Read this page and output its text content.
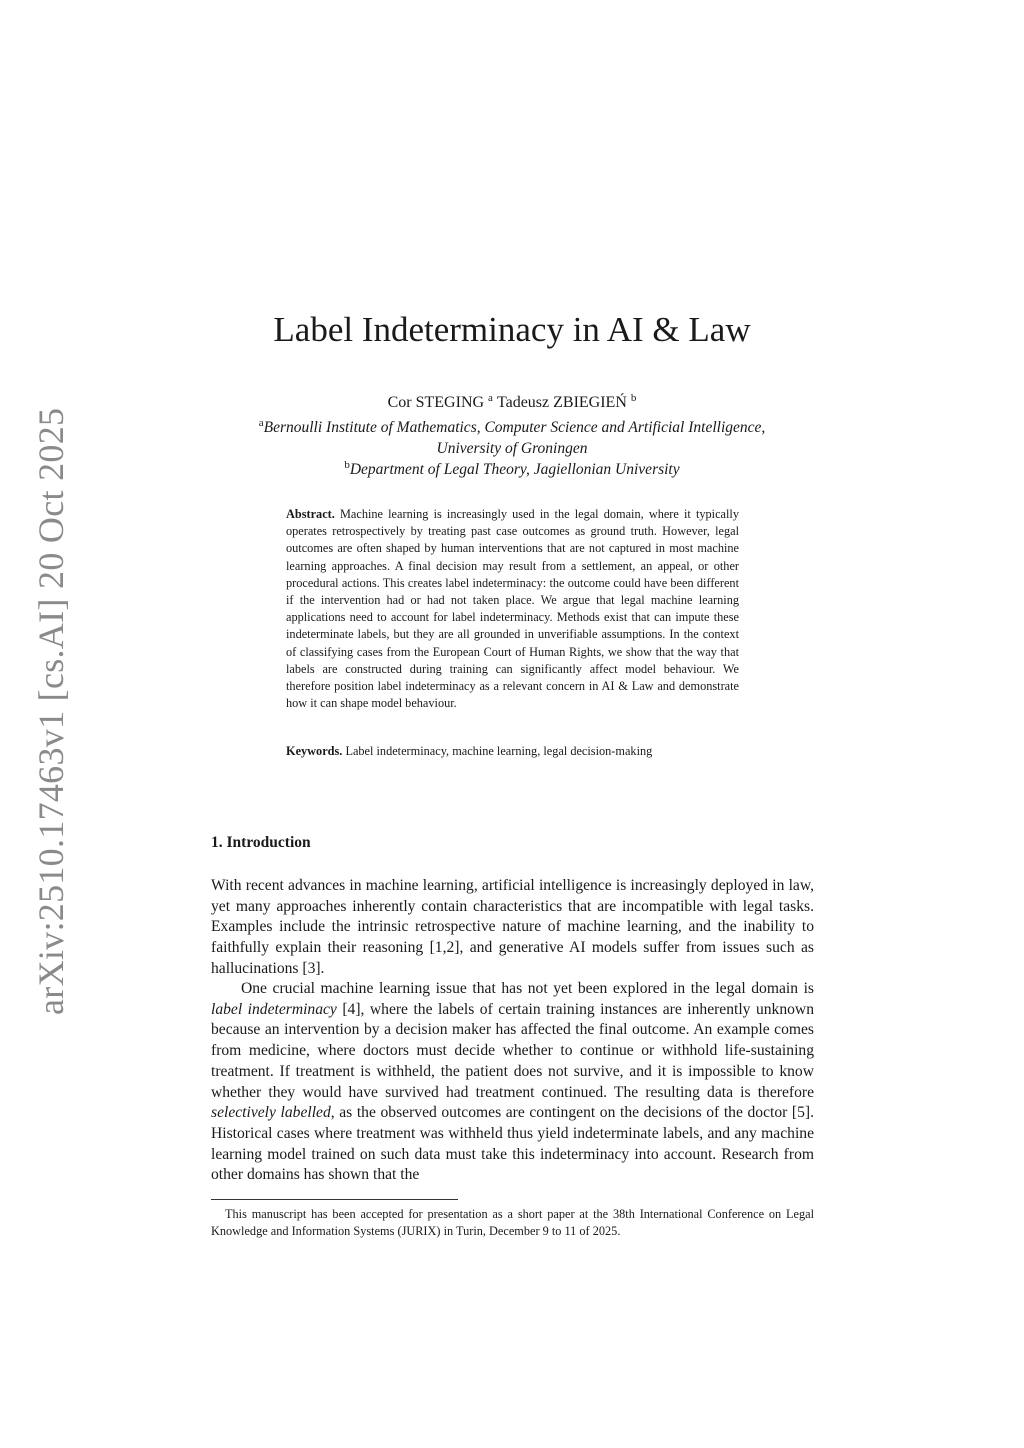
arXiv:2510.17463v1 [cs.AI] 20 Oct 2025
Label Indeterminacy in AI & Law
Cor STEGING $^a$ Tadeusz ZBIEGIEŃ $^b$
$^a$Bernoulli Institute of Mathematics, Computer Science and Artificial Intelligence,
University of Groningen
$^b$Department of Legal Theory, Jagiellonian University
Abstract. Machine learning is increasingly used in the legal domain, where it typically operates retrospectively by treating past case outcomes as ground truth. However, legal outcomes are often shaped by human interventions that are not captured in most machine learning approaches. A final decision may result from a settlement, an appeal, or other procedural actions. This creates label indeterminacy: the outcome could have been different if the intervention had or had not taken place. We argue that legal machine learning applications need to account for label indeterminacy. Methods exist that can impute these indeterminate labels, but they are all grounded in unverifiable assumptions. In the context of classifying cases from the European Court of Human Rights, we show that the way that labels are constructed during training can significantly affect model behaviour. We therefore position label indeterminacy as a relevant concern in AI & Law and demonstrate how it can shape model behaviour.
Keywords. Label indeterminacy, machine learning, legal decision-making
1. Introduction

With recent advances in machine learning, artificial intelligence is increasingly deployed in law, yet many approaches inherently contain characteristics that are incompatible with legal tasks. Examples include the intrinsic retrospective nature of machine learning, and the inability to faithfully explain their reasoning [1,2], and generative AI models suffer from issues such as hallucinations [3].

One crucial machine learning issue that has not yet been explored in the legal domain is label indeterminacy [4], where the labels of certain training instances are inherently unknown because an intervention by a decision maker has affected the final outcome. An example comes from medicine, where doctors must decide whether to continue or withhold life-sustaining treatment. If treatment is withheld, the patient does not survive, and it is impossible to know whether they would have survived had treatment continued. The resulting data is therefore selectively labelled, as the observed outcomes are contingent on the decisions of the doctor [5]. Historical cases where treatment was withheld thus yield indeterminate labels, and any machine learning model trained on such data must take this indeterminacy into account. Research from other domains has shown that the

This manuscript has been accepted for presentation as a short paper at the 38th International Conference on Legal Knowledge and Information Systems (JURIX) in Turin, December 9 to 11 of 2025.
